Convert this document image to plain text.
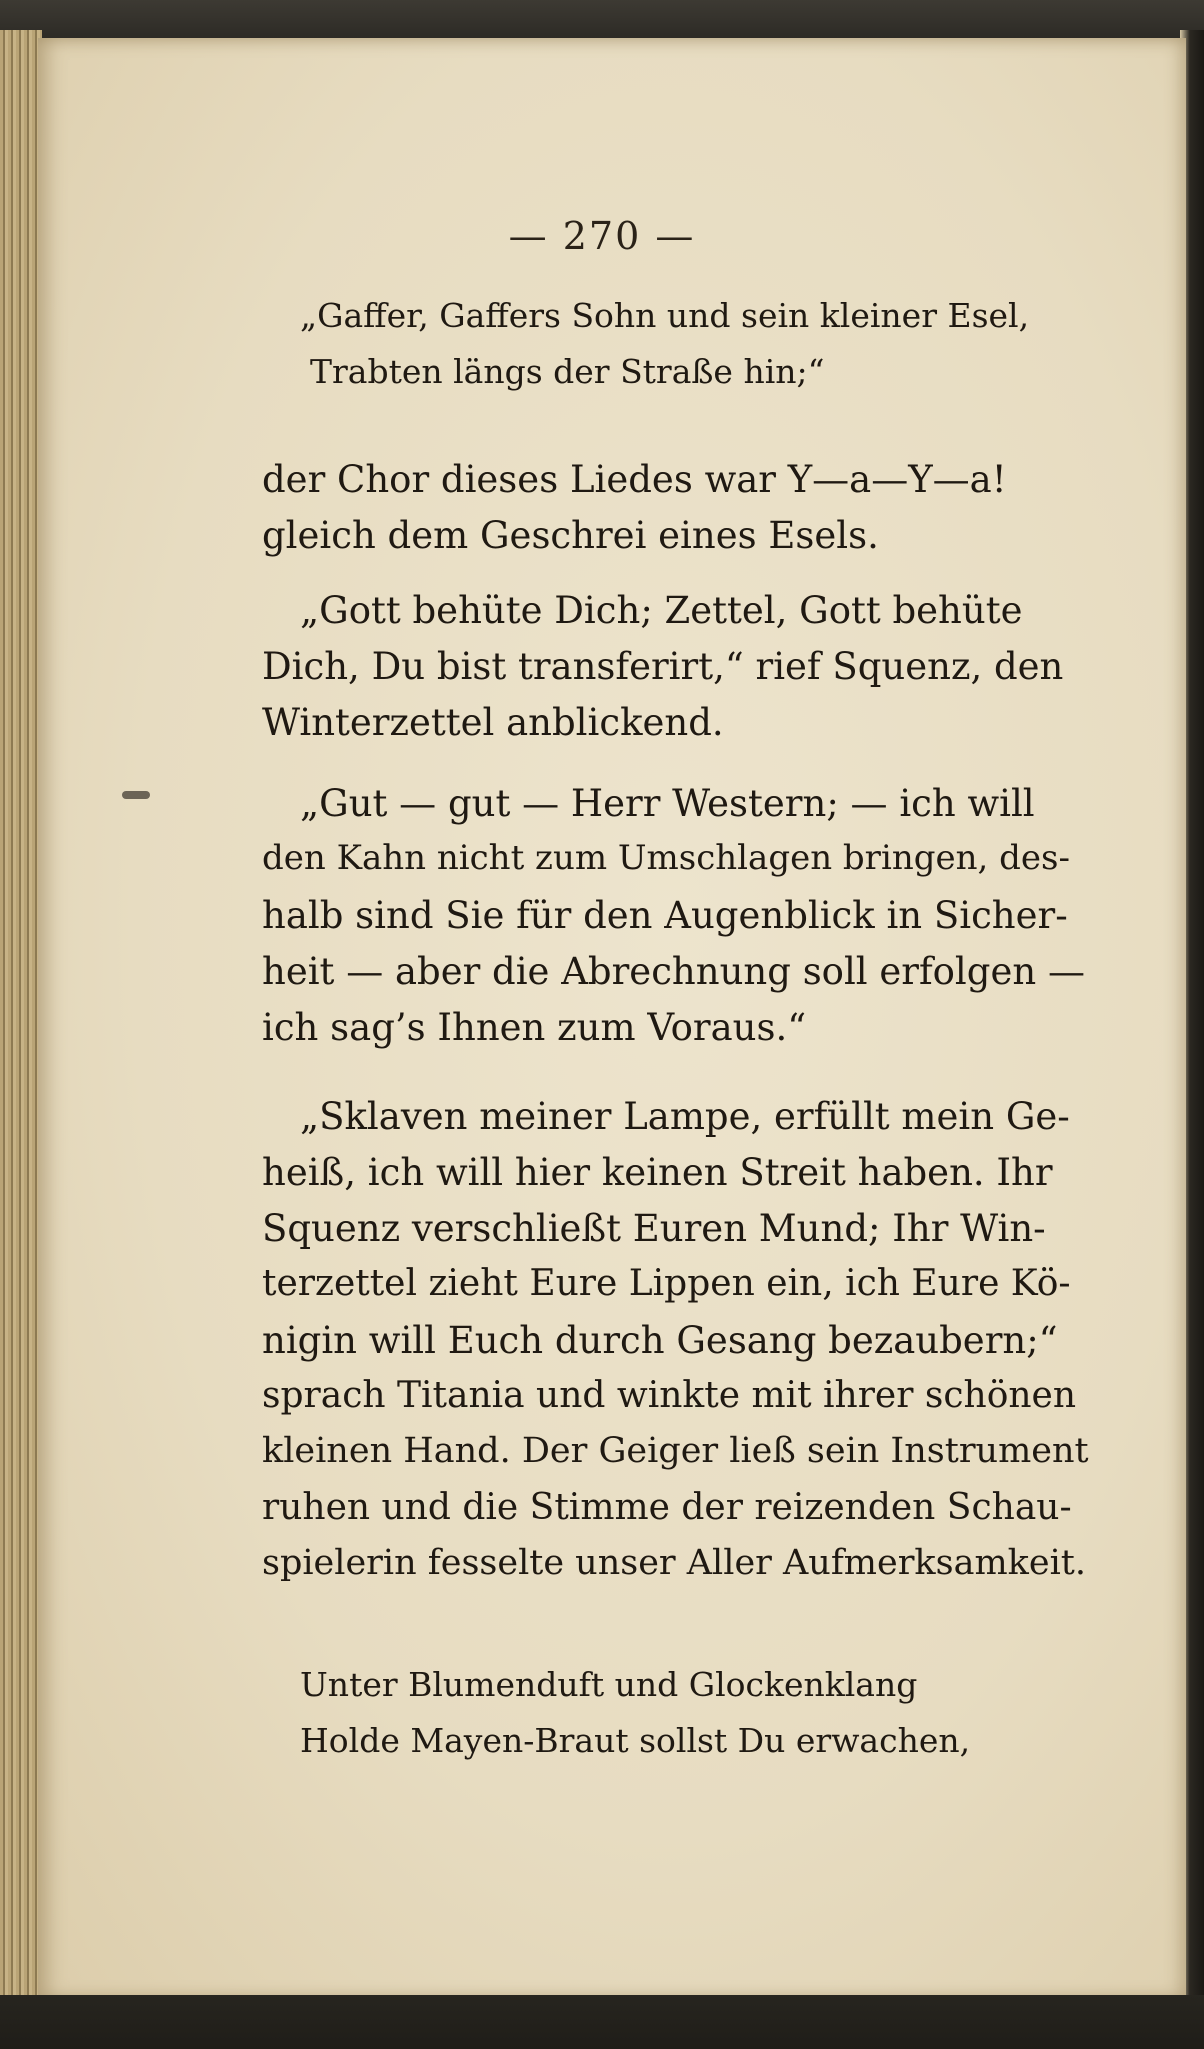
— 270 —
„Gaffer, Gaffers Sohn und sein kleiner Esel,
Trabten längs der Straße hin;“
der Chor dieses Liedes war Y—a—Y—a!
gleich dem Geschrei eines Esels.
„Gott behüte Dich; Zettel, Gott behüte
Dich, Du bist transferirt,“ rief Squenz, den
Winterzettel anblickend.
„Gut — gut — Herr Western; — ich will
den Kahn nicht zum Umschlagen bringen, des-
halb sind Sie für den Augenblick in Sicher-
heit — aber die Abrechnung soll erfolgen —
ich sag’s Ihnen zum Voraus.“
„Sklaven meiner Lampe, erfüllt mein Ge-
heiß, ich will hier keinen Streit haben. Ihr
Squenz verschließt Euren Mund; Ihr Win-
terzettel zieht Eure Lippen ein, ich Eure Kö-
nigin will Euch durch Gesang bezaubern;“
sprach Titania und winkte mit ihrer schönen
kleinen Hand. Der Geiger ließ sein Instrument
ruhen und die Stimme der reizenden Schau-
spielerin fesselte unser Aller Aufmerksamkeit.
Unter Blumenduft und Glockenklang
Holde Mayen-Braut sollst Du erwachen,
